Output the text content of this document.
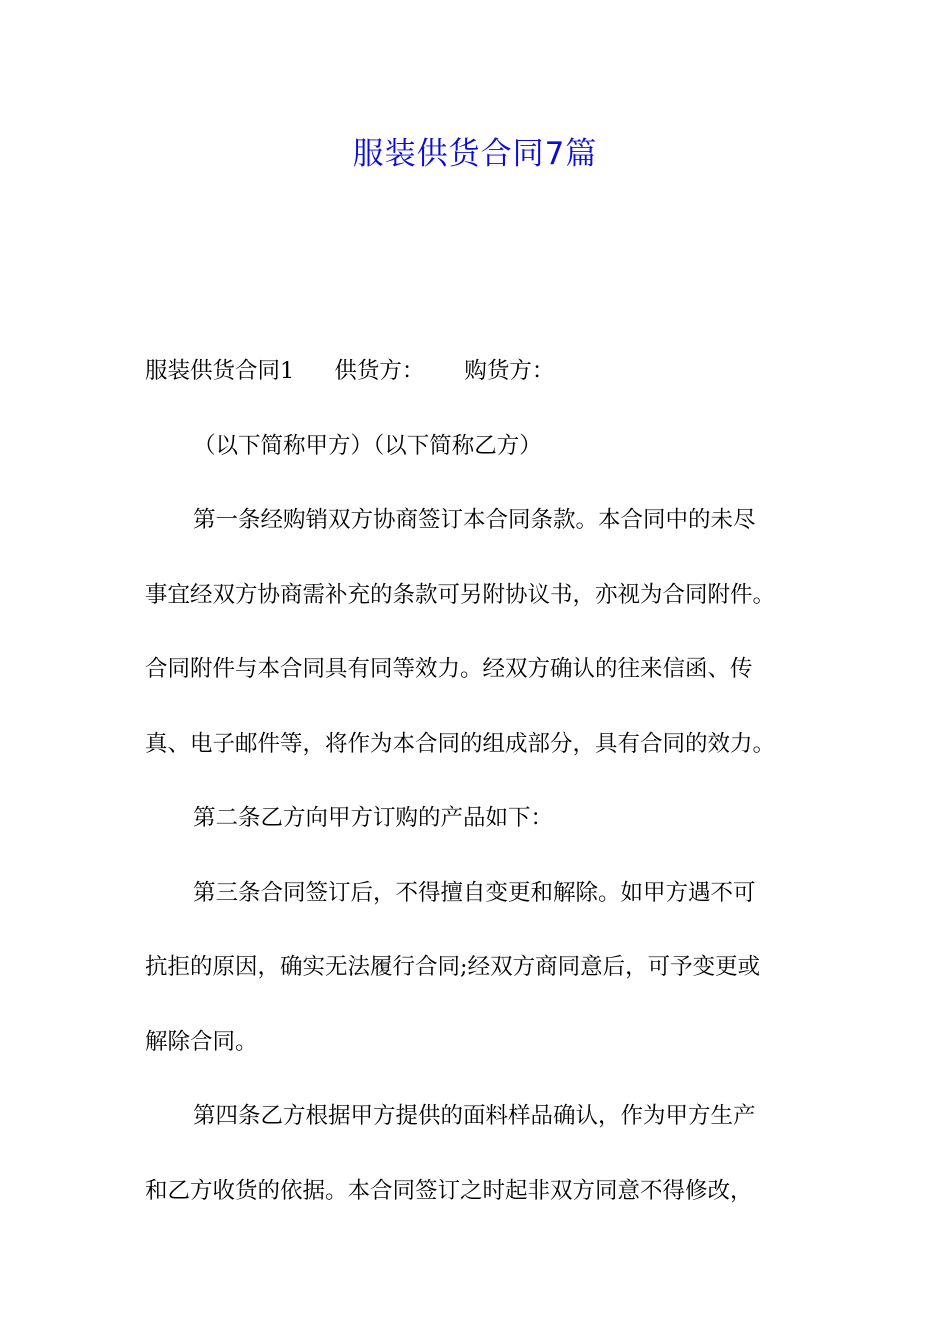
服装供货合同7篇
服装供货合同1 供货方： 购货方：
（以下简称甲方）（以下简称乙方）
第一条经购销双方协商签订本合同条款。本合同中的未尽
事宜经双方协商需补充的条款可另附协议书，亦视为合同附件。
合同附件与本合同具有同等效力。经双方确认的往来信函、传
真、电子邮件等，将作为本合同的组成部分，具有合同的效力。
第二条乙方向甲方订购的产品如下：
第三条合同签订后，不得擅自变更和解除。如甲方遇不可
抗拒的原因，确实无法履行合同;经双方商同意后，可予变更或
解除合同。
第四条乙方根据甲方提供的面料样品确认，作为甲方生产
和乙方收货的依据。本合同签订之时起非双方同意不得修改，
